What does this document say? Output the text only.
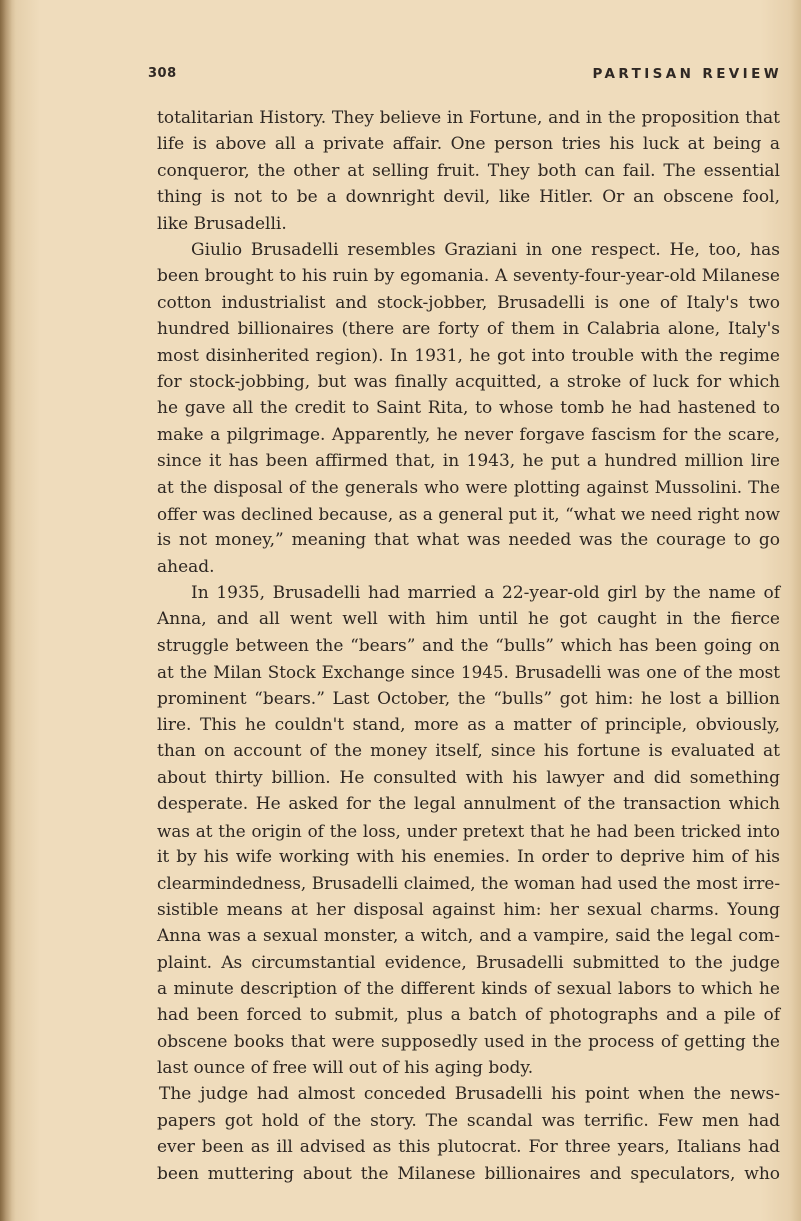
308	PARTISAN REVIEW
totalitarian History. They believe in Fortune, and in the proposition that
life is above all a private affair. One person tries his luck at being a
conqueror, the other at selling fruit. They both can fail. The essential
thing is not to be a downright devil, like Hitler. Or an obscene fool,
like Brusadelli.
Giulio Brusadelli resembles Graziani in one respect. He, too, has
been brought to his ruin by egomania. A seventy-four-year-old Milanese
cotton industrialist and stock-jobber, Brusadelli is one of Italy's two
hundred billionaires (there are forty of them in Calabria alone, Italy's
most disinherited region). In 1931, he got into trouble with the regime
for stock-jobbing, but was finally acquitted, a stroke of luck for which
he gave all the credit to Saint Rita, to whose tomb he had hastened to
make a pilgrimage. Apparently, he never forgave fascism for the scare,
since it has been affirmed that, in 1943, he put a hundred million lire
at the disposal of the generals who were plotting against Mussolini. The
offer was declined because, as a general put it, “what we need right now
is not money,” meaning that what was needed was the courage to go
ahead.
In 1935, Brusadelli had married a 22-year-old girl by the name of
Anna, and all went well with him until he got caught in the fierce
struggle between the “bears” and the “bulls” which has been going on
at the Milan Stock Exchange since 1945. Brusadelli was one of the most
prominent “bears.” Last October, the “bulls” got him: he lost a billion
lire. This he couldn't stand, more as a matter of principle, obviously,
than on account of the money itself, since his fortune is evaluated at
about thirty billion. He consulted with his lawyer and did something
desperate. He asked for the legal annulment of the transaction which
was at the origin of the loss, under pretext that he had been tricked into
it by his wife working with his enemies. In order to deprive him of his
clearmindedness, Brusadelli claimed, the woman had used the most irre-
sistible means at her disposal against him: her sexual charms. Young
Anna was a sexual monster, a witch, and a vampire, said the legal com-
plaint. As circumstantial evidence, Brusadelli submitted to the judge
a minute description of the different kinds of sexual labors to which he
had been forced to submit, plus a batch of photographs and a pile of
obscene books that were supposedly used in the process of getting the
last ounce of free will out of his aging body.
The judge had almost conceded Brusadelli his point when the news-
papers got hold of the story. The scandal was terrific. Few men had
ever been as ill advised as this plutocrat. For three years, Italians had
been muttering about the Milanese billionaires and speculators, who
